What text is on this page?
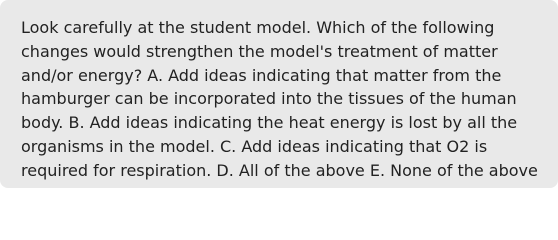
Look carefully at the student model. Which of the following changes would strengthen the model's treatment of matter and/or energy? A. Add ideas indicating that matter from the hamburger can be incorporated into the tissues of the human body. B. Add ideas indicating the heat energy is lost by all the organisms in the model. C. Add ideas indicating that O2 is required for respiration. D. All of the above E. None of the above
